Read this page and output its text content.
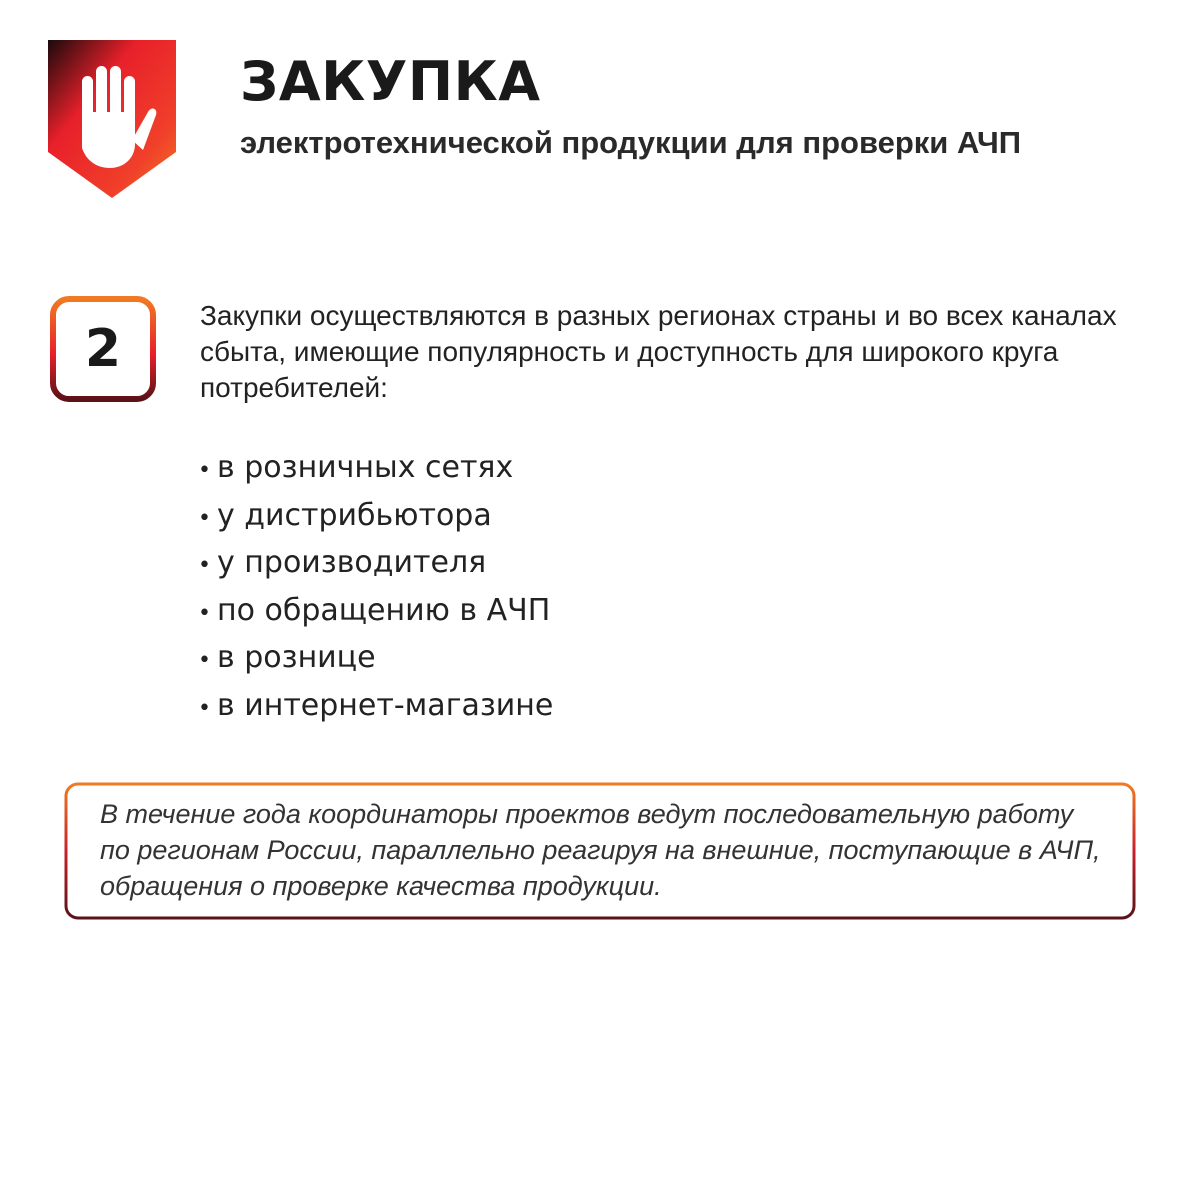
ЗАКУПКА
электротехнической продукции для проверки АЧП
2

Закупки осуществляются в разных регионах страны и во всех каналах сбыта, имеющие популярность и доступность для широкого круга потребителей:

• в розничных сетях
• у дистрибьютора
• у производителя
• по обращению в АЧП
• в рознице
• в интернет-магазине

В течение года координаторы проектов ведут последовательную работу по регионам России, параллельно реагируя на внешние, поступающие в АЧП, обращения о проверке качества продукции.
